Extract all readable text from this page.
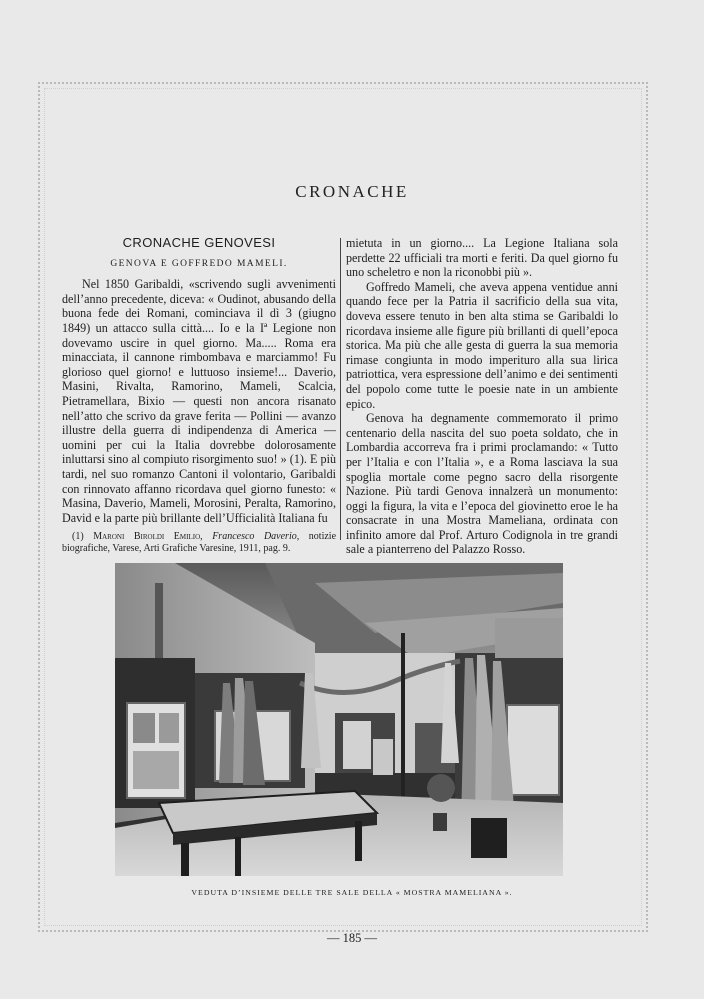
CRONACHE
CRONACHE GENOVESI
GENOVA E GOFFREDO MAMELI.

Nel 1850 Garibaldi, «scrivendo sugli avvenimenti dell’anno precedente, diceva: « Oudinot, abusando della buona fede dei Romani, cominciava il dì 3 (giugno 1849) un attacco sulla città.... Io e la Iª Legione non dovevamo uscire in quel giorno. Ma..... Roma era minacciata, il cannone rimbombava e marciammo! Fu glorioso quel giorno! e luttuoso insieme!... Daverio, Masini, Rivalta, Ramorino, Mameli, Scalcia, Pietramellara, Bixio — questi non ancora risanato nell’atto che scrivo da grave ferita — Pollini — avanzo illustre della guerra di indipendenza di America — uomini per cui la Italia dovrebbe dolorosamente inluttarsi sino al compiuto risorgimento suo! » (1). E più tardi, nel suo romanzo Cantoni il volontario, Garibaldi con rinnovato affanno ricordava quel giorno funesto: « Masina, Daverio, Mameli, Morosini, Peralta, Ramorino, David e la parte più brillante dell’Ufficialità Italiana fu

(1) Maroni Biroldi Emilio, Francesco Daverio, notizie biografiche, Varese, Arti Grafiche Varesine, 1911, pag. 9.

mietuta in un giorno.... La Legione Italiana sola perdette 22 ufficiali tra morti e feriti. Da quel giorno fu uno scheletro e non la riconobbi più ».

Goffredo Mameli, che aveva appena ventidue anni quando fece per la Patria il sacrificio della sua vita, doveva essere tenuto in ben alta stima se Garibaldi lo ricordava insieme alle figure più brillanti di quell’epoca storica. Ma più che alle gesta di guerra la sua memoria rimase congiunta in modo imperituro alla sua lirica patriottica, vera espressione dell’animo e dei sentimenti del popolo come tutte le poesie nate in un ambiente epico.

Genova ha degnamente commemorato il primo centenario della nascita del suo poeta soldato, che in Lombardia accorreva fra i primi proclamando: « Tutto per l’Italia e con l’Italia », e a Roma lasciava la sua spoglia mortale come pegno sacro della risorgente Nazione. Più tardi Genova innalzerà un monumento: oggi la figura, la vita e l’epoca del giovinetto eroe le ha consacrate in una Mostra Mameliana, ordinata con infinito amore dal Prof. Arturo Codignola in tre grandi sale a pianterreno del Palazzo Rosso.

VEDUTA D’INSIEME DELLE TRE SALE DELLA « MOSTRA MAMELIANA ».
— 185 —
